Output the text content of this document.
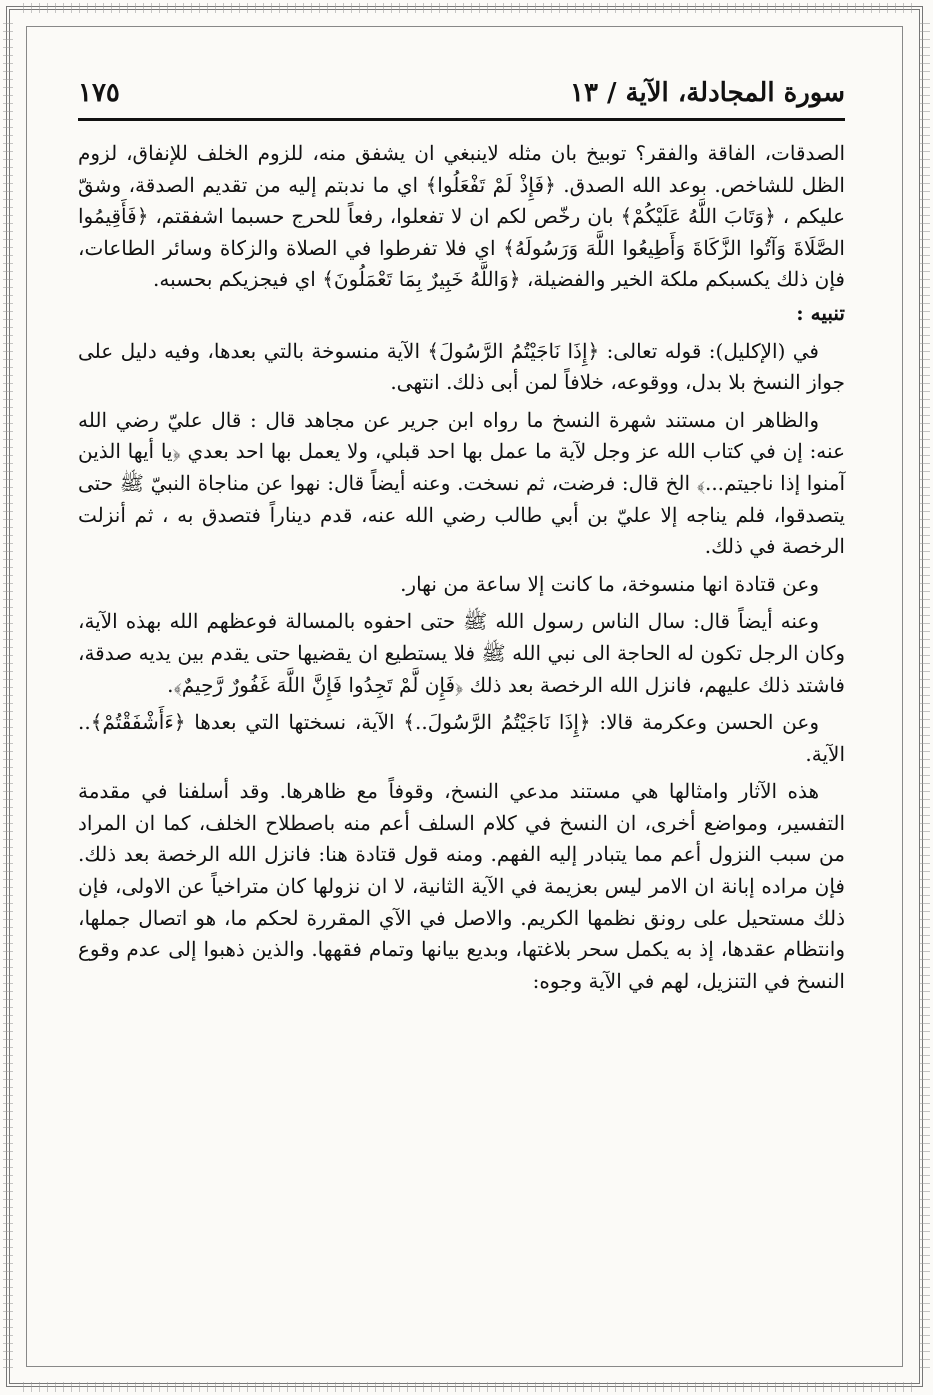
سورة المجادلة، الآية / ١٣
١٧٥

الصدقات، الفاقة والفقر؟ توبيخ بان مثله لاينبغي ان يشفق منه، للزوم الخلف للإنفاق، لزوم الظل للشاخص. بوعد الله الصدق. ﴿فَإِذْ لَمْ تَفْعَلُوا﴾ اي ما ندبتم إليه من تقديم الصدقة، وشقّ عليكم ، ﴿وَتَابَ اللَّهُ عَلَيْكُمْ﴾ بان رخّص لكم ان لا تفعلوا، رفعاً للحرج حسبما اشفقتم، ﴿فَأَقِيمُوا الصَّلَاةَ وَآتُوا الزَّكَاةَ وَأَطِيعُوا اللَّهَ وَرَسُولَهُ﴾ اي فلا تفرطوا في الصلاة والزكاة وسائر الطاعات، فإن ذلك يكسبكم ملكة الخير والفضيلة، ﴿وَاللَّهُ خَبِيرٌ بِمَا تَعْمَلُونَ﴾ اي فيجزيكم بحسبه.

تنبيه :

في (الإكليل): قوله تعالى: ﴿إِذَا نَاجَيْتُمُ الرَّسُولَ﴾ الآية منسوخة بالتي بعدها، وفيه دليل على جواز النسخ بلا بدل، ووقوعه، خلافاً لمن أبى ذلك. انتهى.

والظاهر ان مستند شهرة النسخ ما رواه ابن جرير عن مجاهد قال : قال عليّ رضي الله عنه: إن في كتاب الله عز وجل لآية ما عمل بها احد قبلي، ولا يعمل بها احد بعدي ﴿يا أيها الذين آمنوا إذا ناجيتم...﴾ الخ قال: فرضت، ثم نسخت. وعنه أيضاً قال: نهوا عن مناجاة النبيّ ﷺ حتى يتصدقوا، فلم يناجه إلا عليّ بن أبي طالب رضي الله عنه، قدم ديناراً فتصدق به ، ثم أنزلت الرخصة في ذلك.

وعن قتادة انها منسوخة، ما كانت إلا ساعة من نهار.

وعنه أيضاً قال: سال الناس رسول الله ﷺ حتى احفوه بالمسالة فوعظهم الله بهذه الآية، وكان الرجل تكون له الحاجة الى نبي الله ﷺ فلا يستطيع ان يقضيها حتى يقدم بين يديه صدقة، فاشتد ذلك عليهم، فانزل الله الرخصة بعد ذلك ﴿فَإِن لَّمْ تَجِدُوا فَإِنَّ اللَّهَ غَفُورٌ رَّحِيمٌ﴾.

وعن الحسن وعكرمة قالا: ﴿إِذَا نَاجَيْتُمُ الرَّسُولَ..﴾ الآية، نسختها التي بعدها ﴿ءَأَشْفَقْتُمْ﴾.. الآية.

هذه الآثار وامثالها هي مستند مدعي النسخ، وقوفاً مع ظاهرها. وقد أسلفنا في مقدمة التفسير، ومواضع أخرى، ان النسخ في كلام السلف أعم منه باصطلاح الخلف، كما ان المراد من سبب النزول أعم مما يتبادر إليه الفهم. ومنه قول قتادة هنا: فانزل الله الرخصة بعد ذلك. فإن مراده إبانة ان الامر ليس بعزيمة في الآية الثانية، لا ان نزولها كان متراخياً عن الاولى، فإن ذلك مستحيل على رونق نظمها الكريم. والاصل في الآي المقررة لحكم ما، هو اتصال جملها، وانتظام عقدها، إذ به يكمل سحر بلاغتها، وبديع بيانها وتمام فقهها. والذين ذهبوا إلى عدم وقوع النسخ في التنزيل، لهم في الآية وجوه:
